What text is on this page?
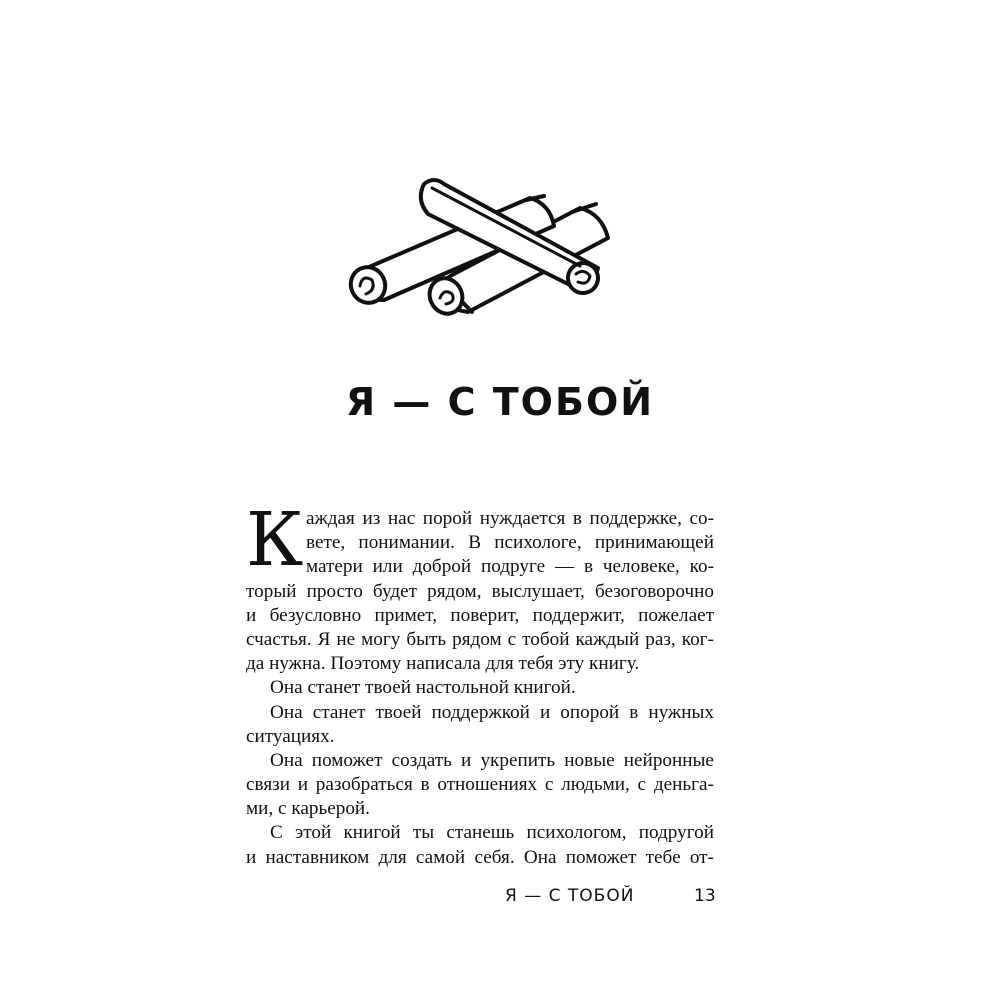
Я — С ТОБОЙ
К аждая из нас порой нуждается в поддержке, со-
вете, понимании. В психологе, принимающей
матери или доброй подруге — в человеке, ко-
торый просто будет рядом, выслушает, безоговорочно
и безусловно примет, поверит, поддержит, пожелает
счастья. Я не могу быть рядом с тобой каждый раз, ког-
да нужна. Поэтому написала для тебя эту книгу.
Она станет твоей настольной книгой.
Она станет твоей поддержкой и опорой в нужных
ситуациях.
Она поможет создать и укрепить новые нейронные
связи и разобраться в отношениях с людьми, с деньга-
ми, с карьерой.
С этой книгой ты станешь психологом, подругой
и наставником для самой себя. Она поможет тебе от-
Я — С ТОБОЙ	13
